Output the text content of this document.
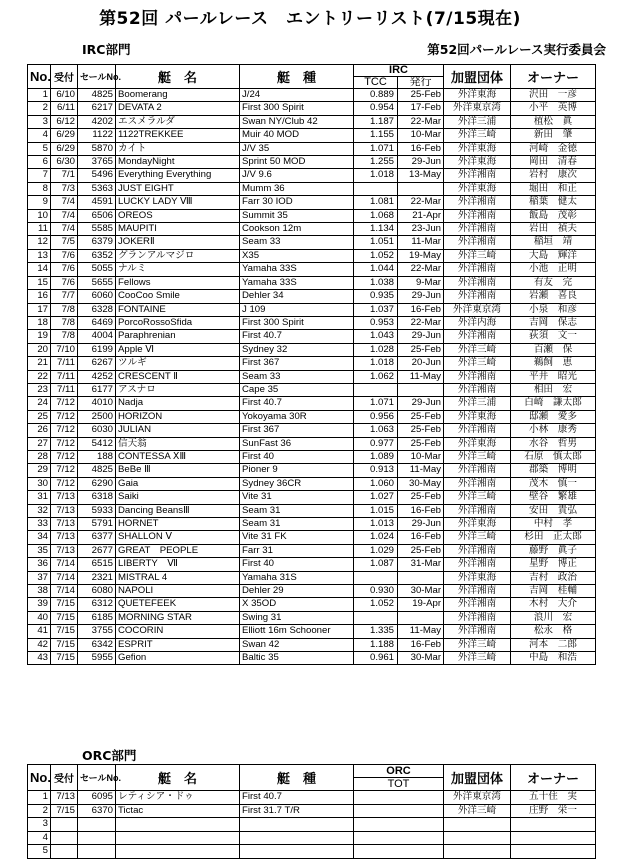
第52回 パールレース　エントリーリスト(7/15現在)
IRC部門	第52回パールレース実行委員会
No.	受付	セールNo.	艇　名	艇　種	IRC		加盟団体	オーナー
					TCC	発行		
1	6/10	4825	Boomerang	J/24	0.889	25-Feb	外洋東海	沢田　一彦
2	6/11	6217	DEVATA 2	First 300 Spirit	0.954	17-Feb	外洋東京湾	小平　英博
3	6/12	4202	エスメラルダ	Swan NY/Club 42	1.187	22-Mar	外洋三浦	植松　眞
4	6/29	1122	1122TREKKEE	Muir 40 MOD	1.155	10-Mar	外洋三崎	新田　肇
5	6/29	5870	カイト	J/V 35	1.071	16-Feb	外洋東海	河崎　金徳
6	6/30	3765	MondayNight	Sprint 50 MOD	1.255	29-Jun	外洋東海	岡田　清春
7	7/1	5496	Everything Everything	J/V 9.6	1.018	13-May	外洋湘南	岩村　康次
8	7/3	5363	JUST EIGHT	Mumm 36			外洋東海	堀田　和正
9	7/4	4591	LUCKY LADY Ⅷ	Farr 30 IOD	1.081	22-Mar	外洋湘南	稲葉　健太
10	7/4	6506	OREOS	Summit 35	1.068	21-Apr	外洋湘南	飯島　茂彰
11	7/4	5585	MAUPITI	Cookson 12m	1.134	23-Jun	外洋湘南	岩田　禎夫
12	7/5	6379	JOKERⅡ	Seam 33	1.051	11-Mar	外洋湘南	稲垣　靖
13	7/6	6352	グランアルマジロ	X35	1.052	19-May	外洋三崎	大島　輝洋
14	7/6	5055	ナルミ	Yamaha 33S	1.044	22-Mar	外洋湘南	小池　正明
15	7/6	5655	Fellows	Yamaha 33S	1.038	9-Mar	外洋湘南	有友　完
16	7/7	6060	CooCoo Smile	Dehler 34	0.935	29-Jun	外洋湘南	岩瀬　喜良
17	7/8	6328	FONTAINE	J 109	1.037	16-Feb	外洋東京湾	小泉　和彦
18	7/8	6469	PorcoRossoSfida	First 300 Spirit	0.953	22-Mar	外洋内海	吉岡　保志
19	7/8	4004	Paraphrenian	First 40.7	1.043	29-Jun	外洋湘南	荻須　文一
20	7/10	6199	Apple Ⅵ	Sydney 32	1.028	25-Feb	外洋三崎	百瀬　保
21	7/11	6267	ツルギ	First 367	1.018	20-Jun	外洋三崎	鵜飼　恵
22	7/11	4252	CRESCENT Ⅱ	Seam 33	1.062	11-May	外洋湘南	平井　昭光
23	7/11	6177	アスナロ	Cape 35			外洋湘南	相田　宏
24	7/12	4010	Nadja	First 40.7	1.071	29-Jun	外洋三浦	白崎　謙太郎
25	7/12	2500	HORIZON	Yokoyama 30R	0.956	25-Feb	外洋東海	邸瀬　愛多
26	7/12	6030	JULIAN	First 367	1.063	25-Feb	外洋湘南	小林　康秀
27	7/12	5412	信天翁	SunFast 36	0.977	25-Feb	外洋東海	水谷　哲男
28	7/12	188	CONTESSA ⅩⅢ	First 40	1.089	10-Mar	外洋三崎	石原　慎太郎
29	7/12	4825	BeBe Ⅲ	Pioner 9	0.913	11-May	外洋湘南	郡築　博明
30	7/12	6290	Gaia	Sydney 36CR	1.060	30-May	外洋湘南	茂木　慎一
31	7/13	6318	Saiki	Vite 31	1.027	25-Feb	外洋三崎	壁谷　繁雄
32	7/13	5933	Dancing BeansⅢ	Seam 31	1.015	16-Feb	外洋湘南	安田　貴弘
33	7/13	5791	HORNET	Seam 31	1.013	29-Jun	外洋東海	中村　孝
34	7/13	6377	SHALLON Ⅴ	Vite 31 FK	1.024	16-Feb	外洋三崎	杉田　正太郎
35	7/13	2677	GREAT　PEOPLE	Farr 31	1.029	25-Feb	外洋湘南	藤野　眞子
36	7/14	6515	LIBERTY　Ⅶ	First 40	1.087	31-Mar	外洋湘南	星野　博正
37	7/14	2321	MISTRAL 4	Yamaha 31S			外洋東海	吉村　政治
38	7/14	6080	NAPOLI	Dehler 29	0.930	30-Mar	外洋湘南	吉岡　桂輔
39	7/15	6312	QUETEFEEK	X 35OD	1.052	19-Apr	外洋湘南	木村　大介
40	7/15	6185	MORNING STAR	Swing 31			外洋湘南	浪川　宏
41	7/15	3755	COCORIN	Elliott 16m Schooner	1.335	11-May	外洋湘南	松永　格
42	7/15	6342	ESPRIT	Swan 42	1.188	16-Feb	外洋三崎	河本　二郎
43	7/15	5955	Gefion	Baltic 35	0.961	30-Mar	外洋三崎	中島　和浩
ORC部門
No.	受付	セールNo.	艇　名	艇　種	ORC	加盟団体	オーナー
					TOT		
1	7/13	6095	レティシア・ドゥ	First 40.7		外洋東京湾	五十住　実
2	7/15	6370	Tictac	First 31.7 T/R		外洋三崎	庄野　栄一
3							
4							
5							
